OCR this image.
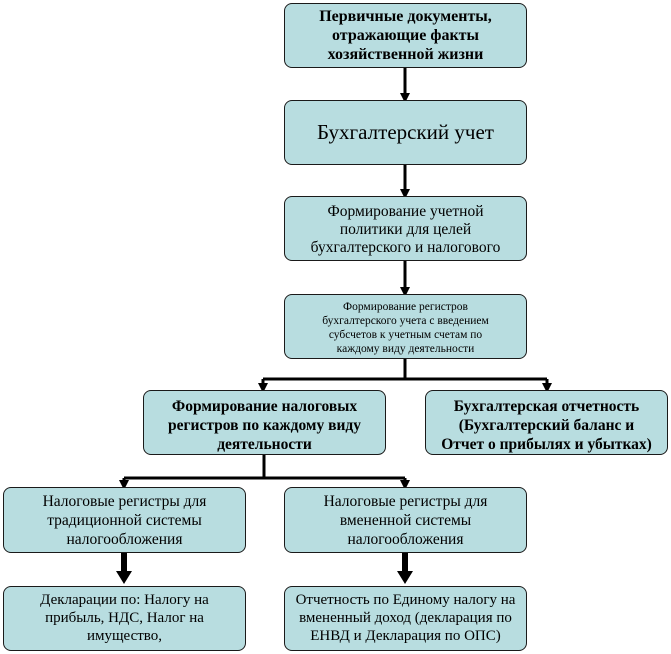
Первичные документы,
отражающие факты
хозяйственной жизни
Бухгалтерский учет
Формирование учетной
политики для целей
бухгалтерского и налогового
Формирование регистров
бухгалтерского учета с введением
субсчетов к учетным счетам по
каждому виду деятельности
Формирование налоговых
регистров по каждому виду
деятельности
Бухгалтерская отчетность
(Бухгалтерский баланс и
Отчет о прибылях и убытках)
Налоговые регистры для
традиционной системы
налогообложения
Налоговые регистры для
вмененной системы
налогообложения
Декларации по: Налогу на
прибыль, НДС, Налог на
имущество,
Отчетность по Единому налогу на
вмененный доход (декларация по
ЕНВД и Декларация по ОПС)
